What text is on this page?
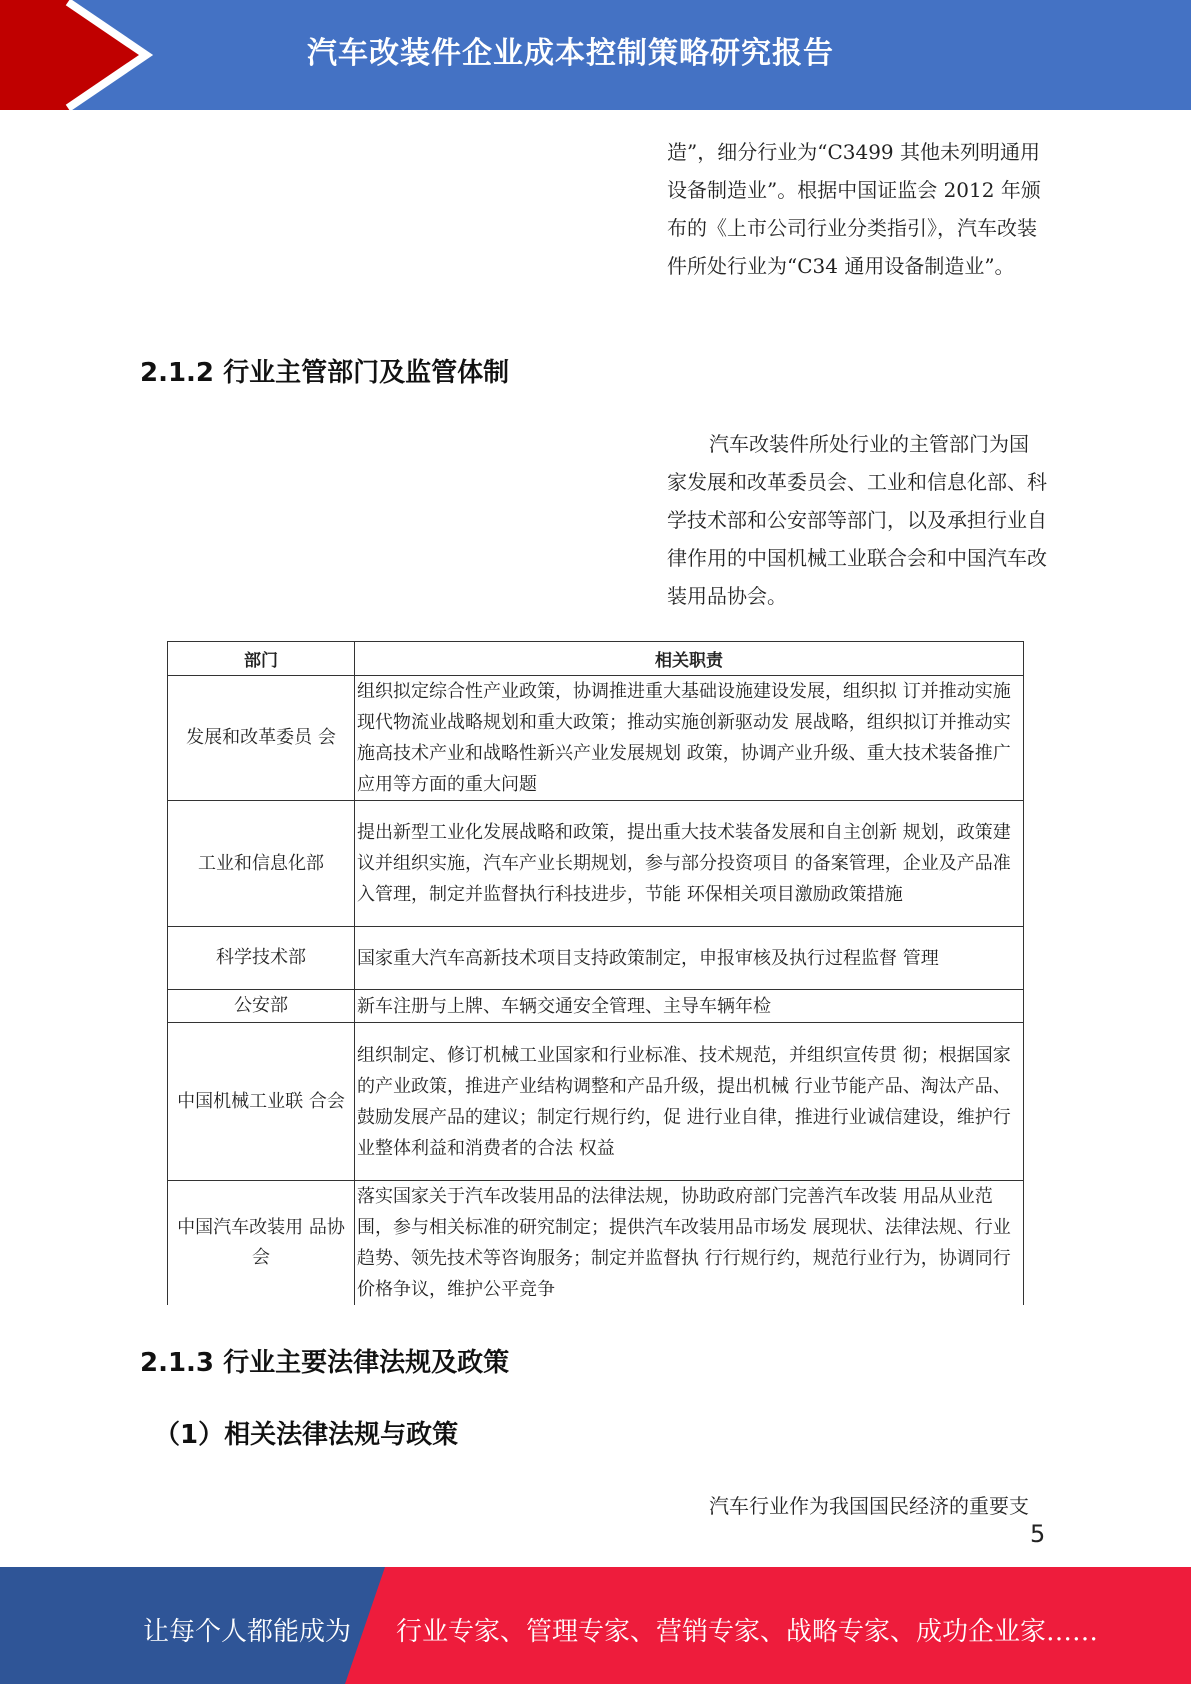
汽车改装件企业成本控制策略研究报告

造”，细分行业为“C3499 其他未列明通用设备制造业”。根据中国证监会 2012 年颁布的《上市公司行业分类指引》，汽车改装件所处行业为“C34 通用设备制造业”。

2.1.2 行业主管部门及监管体制

汽车改装件所处行业的主管部门为国家发展和改革委员会、工业和信息化部、科学技术部和公安部等部门，以及承担行业自律作用的中国机械工业联合会和中国汽车改装用品协会。

部门	相关职责
发展和改革委员 会	组织拟定综合性产业政策，协调推进重大基础设施建设发展，组织拟 订并推动实施现代物流业战略规划和重大政策；推动实施创新驱动发 展战略，组织拟订并推动实施高技术产业和战略性新兴产业发展规划 政策，协调产业升级、重大技术装备推广应用等方面的重大问题
工业和信息化部	提出新型工业化发展战略和政策，提出重大技术装备发展和自主创新 规划，政策建议并组织实施，汽车产业长期规划，参与部分投资项目 的备案管理，企业及产品准入管理，制定并监督执行科技进步，节能 环保相关项目激励政策措施
科学技术部	国家重大汽车高新技术项目支持政策制定，申报审核及执行过程监督 管理
公安部	新车注册与上牌、车辆交通安全管理、主导车辆年检
中国机械工业联 合会	组织制定、修订机械工业国家和行业标准、技术规范，并组织宣传贯 彻；根据国家的产业政策，推进产业结构调整和产品升级，提出机械 行业节能产品、淘汰产品、鼓励发展产品的建议；制定行规行约，促 进行业自律，推进行业诚信建设，维护行业整体利益和消费者的合法 权益
中国汽车改装用 品协会	落实国家关于汽车改装用品的法律法规，协助政府部门完善汽车改装 用品从业范围，参与相关标准的研究制定；提供汽车改装用品市场发 展现状、法律法规、行业趋势、领先技术等咨询服务；制定并监督执 行行规行约，规范行业行为，协调同行价格争议，维护公平竞争
2.1.3 行业主要法律法规及政策
（1）相关法律法规与政策

汽车行业作为我国国民经济的重要支

5
让每个人都能成为 行业专家、管理专家、营销专家、战略专家、成功企业家……
